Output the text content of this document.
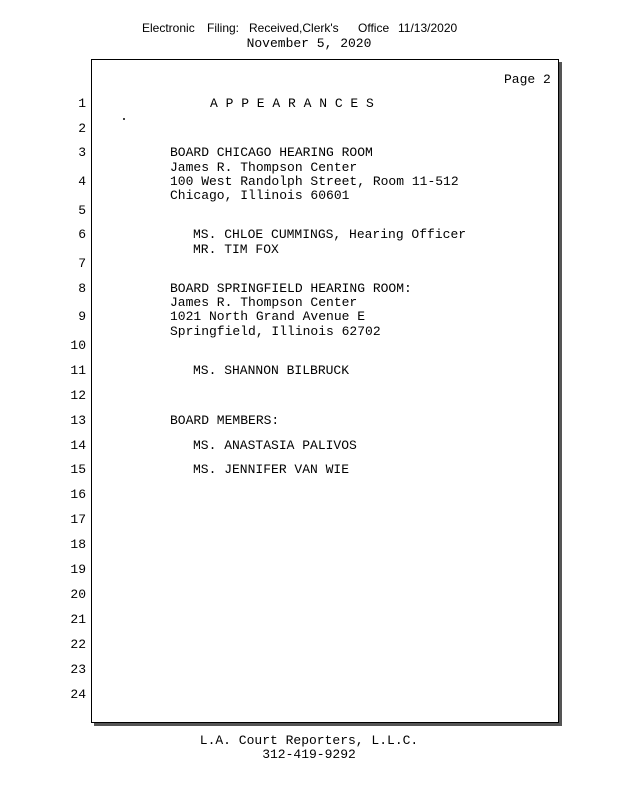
Electronic Filing: Received,Clerk's Office 11/13/2020
November 5, 2020
Page 2
1
2
3
4
5
6
7
8
9
10
11
12
13
14
15
16
17
18
19
20
21
22
23
24
A P P E A R A N C E S
BOARD CHICAGO HEARING ROOM
James R. Thompson Center
100 West Randolph Street, Room 11-512
Chicago, Illinois 60601
MS. CHLOE CUMMINGS, Hearing Officer
MR. TIM FOX
BOARD SPRINGFIELD HEARING ROOM:
James R. Thompson Center
1021 North Grand Avenue E
Springfield, Illinois 62702
MS. SHANNON BILBRUCK
BOARD MEMBERS:
MS. ANASTASIA PALIVOS
MS. JENNIFER VAN WIE
L.A. Court Reporters, L.L.C.
312-419-9292
